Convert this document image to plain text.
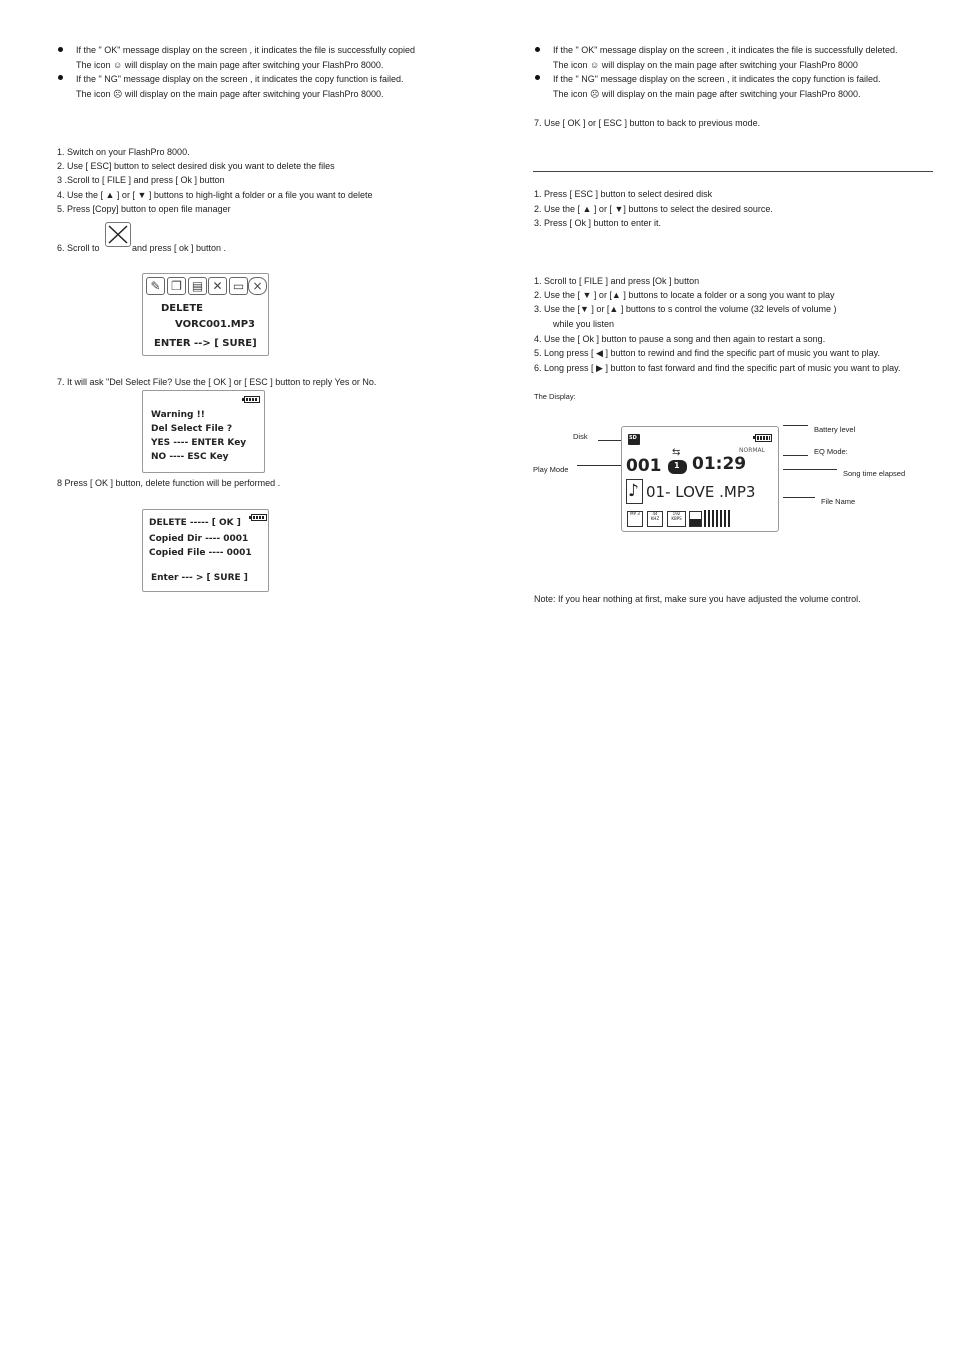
If the " OK" message display on the screen , it indicates the file is successfully copied
The icon ☺ will display on the main page after switching your FlashPro 8000.
If the " NG" message display on the screen , it indicates the copy function is failed.
The icon ☹ will display on the main page after switching your FlashPro 8000.
1. Switch on your FlashPro 8000.
2. Use [ ESC] button to select desired disk you want to delete the files
3 .Scroll to [ FILE ] and press [ Ok ] button
4. Use the [ ▲ ] or [ ▼ ] buttons to high-light a folder or a file you want to delete
5. Press [Copy] button to open file manager
6. Scroll to	and press [ ok ] button .
✎ ❐ ▤ ✕ ▭ ×
DELETE
VORC001.MP3
ENTER --> [ SURE]
7. It will ask "Del Select File? Use the [ OK ] or [ ESC ] button to reply Yes or No.
Warning !!
Del Select File ?
YES ---- ENTER Key
NO ---- ESC Key
8 Press [ OK ] button, delete function will be performed .
DELETE ----- [ OK ]
Copied Dir ---- 0001
Copied File ---- 0001
Enter --- > [ SURE ]
If the " OK" message display on the screen , it indicates the file is successfully deleted.
The icon ☺ will display on the main page after switching your FlashPro 8000
If the " NG" message display on the screen , it indicates the copy function is failed.
The icon ☹ will display on the main page after switching your FlashPro 8000.
7. Use [ OK ] or [ ESC ] button to back to previous mode.
1. Press [ ESC ] button to select desired disk
2. Use the [ ▲ ] or [ ▼] buttons to select the desired source.
3. Press [ Ok ] button to enter it.
1. Scroll to [ FILE ] and press [Ok ] button
2. Use the [ ▼ ] or [▲ ] buttons to locate a folder or a song you want to play
3. Use the [▼ ] or [▲ ] buttons to s control the volume (32 levels of volume )
while you listen
4. Use the [ Ok ] button to pause a song and then again to restart a song.
5. Long press [ ◀ ] button to rewind and find the specific part of music you want to play.
6. Long press [ ▶ ] button to fast forward and find the specific part of music you want to play.
The Display:
Disk
Play Mode
Battery level
EQ Mode:
Song time elapsed
File Name
SD
NORMAL
⇆
1
001 01:29
♪ 01- LOVE .MP3
MP 3	44 KHZ
192 KBPS
Note: If you hear nothing at first, make sure you have adjusted the volume control.
